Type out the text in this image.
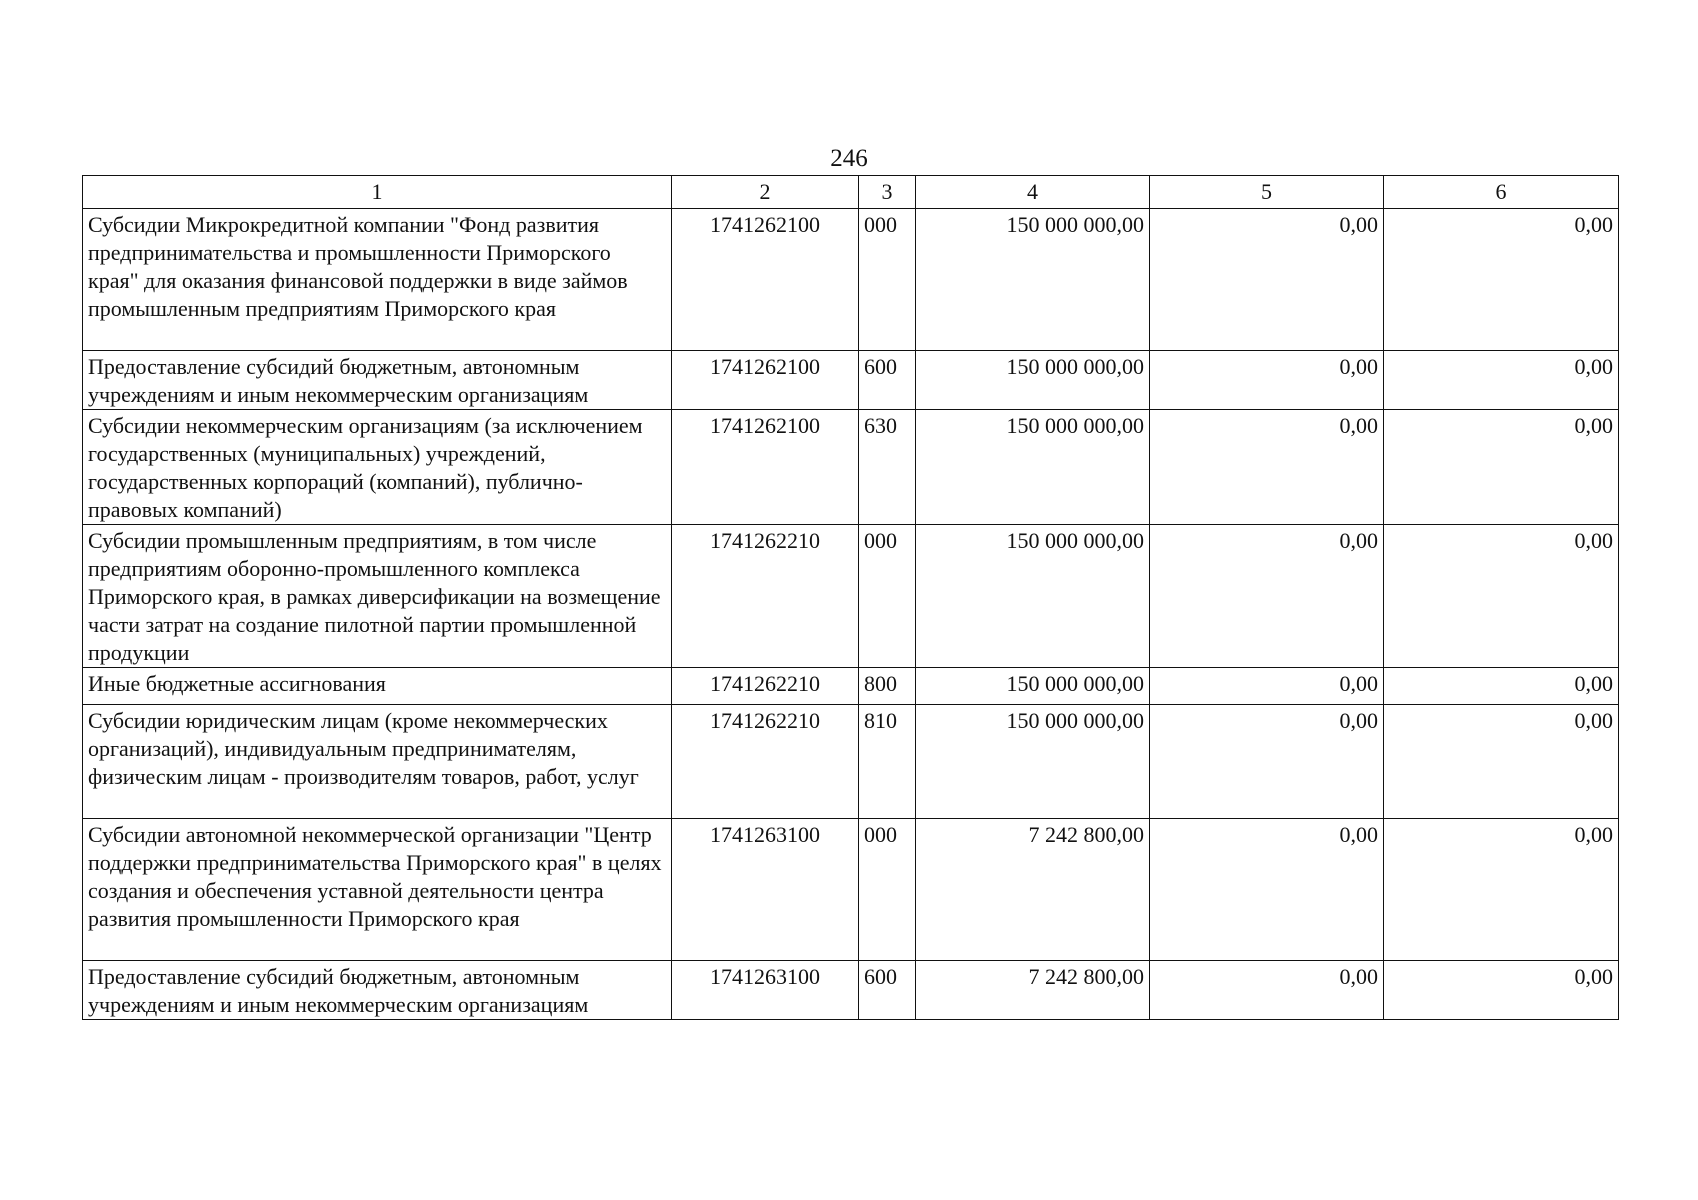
246
1	2	3	4	5	6
Субсидии Микрокредитной компании "Фонд развития предпринимательства и промышленности Приморского края" для оказания финансовой поддержки в виде займов промышленным предприятиям Приморского края	1741262100	000	150 000 000,00	0,00	0,00
Предоставление субсидий бюджетным, автономным учреждениям и иным некоммерческим организациям	1741262100	600	150 000 000,00	0,00	0,00
Субсидии некоммерческим организациям (за исключением государственных (муниципальных) учреждений, государственных корпораций (компаний), публично-правовых компаний)	1741262100	630	150 000 000,00	0,00	0,00
Субсидии промышленным предприятиям, в том числе предприятиям оборонно-промышленного комплекса Приморского края, в рамках диверсификации на возмещение части затрат на создание пилотной партии промышленной продукции	1741262210	000	150 000 000,00	0,00	0,00
Иные бюджетные ассигнования	1741262210	800	150 000 000,00	0,00	0,00
Субсидии юридическим лицам (кроме некоммерческих организаций), индивидуальным предпринимателям, физическим лицам - производителям товаров, работ, услуг	1741262210	810	150 000 000,00	0,00	0,00
Субсидии автономной некоммерческой организации "Центр поддержки предпринимательства Приморского края" в целях создания и обеспечения уставной деятельности центра развития промышленности Приморского края	1741263100	000	7 242 800,00	0,00	0,00
Предоставление субсидий бюджетным, автономным учреждениям и иным некоммерческим организациям	1741263100	600	7 242 800,00	0,00	0,00
